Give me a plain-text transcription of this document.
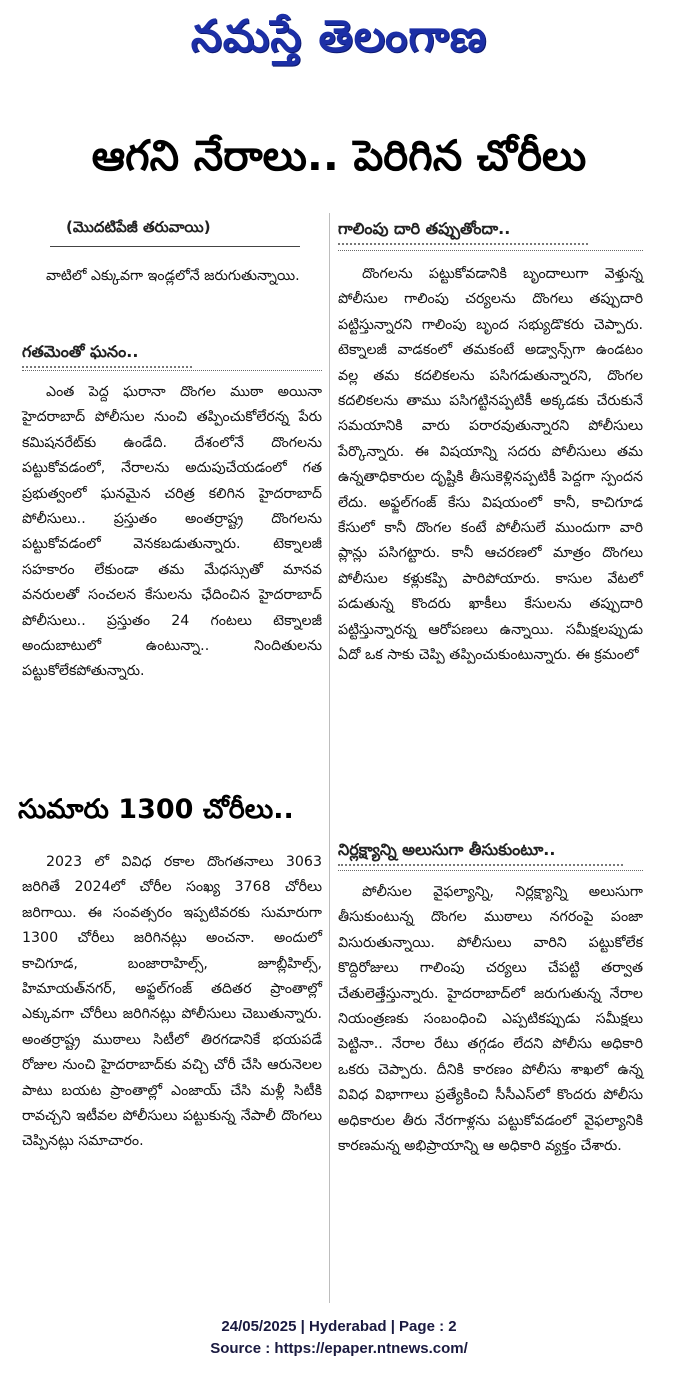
నమస్తే తెలంగాణ
ఆగని నేరాలు.. పెరిగిన చోరీలు
(మొదటిపేజీ తరువాయి)

వాటిలో ఎక్కువగా ఇండ్లలోనే జరుగుతున్నాయి.

గతమెంతో ఘనం..

ఎంత పెద్ద ఘరానా దొంగల ముఠా అయినా హైదరాబాద్‌ పోలీసుల నుంచి తప్పించుకోలేరన్న పేరు కమిషనరేట్‌కు ఉండేది. దేశంలోనే దొంగలను పట్టుకోవడంలో, నేరాలను అదుపుచేయడంలో గత ప్రభుత్వంలో ఘనమైన చరిత్ర కలిగిన హైదరాబాద్‌ పోలీసులు.. ప్రస్తుతం అంతర్రాష్ట్ర దొంగలను పట్టుకోవడంలో వెనకబడుతున్నారు. టెక్నాలజీ సహకారం లేకుండా తమ మేధస్సుతో మానవ వనరులతో సంచలన కేసులను ఛేదించిన హైదరాబాద్‌ పోలీసులు.. ప్రస్తుతం 24 గంటలు టెక్నాలజీ అందుబాటులో ఉంటున్నా.. నిందితులను పట్టుకోలేకపోతున్నారు.

సుమారు 1300 చోరీలు..

2023 లో వివిధ రకాల దొంగతనాలు 3063 జరిగితే 2024లో చోరీల సంఖ్య 3768 చోరీలు జరిగాయి. ఈ సంవత్సరం ఇప్పటివరకు సుమారుగా 1300 చోరీలు జరిగినట్లు అంచనా. అందులో కాచిగూడ, బంజారాహిల్స్‌, జూబ్లీహిల్స్‌, హిమాయత్‌నగర్‌, అఫ్జల్‌గంజ్‌ తదితర ప్రాంతాల్లో ఎక్కువగా చోరీలు జరిగినట్లు పోలీసులు చెబుతున్నారు. అంతర్రాష్ట్ర ముఠాలు సిటీలో తిరగడానికే భయపడే రోజుల నుంచి హైదరాబాద్‌కు వచ్చి చోరీ చేసి ఆరునెలల పాటు బయట ప్రాంతాల్లో ఎంజాయ్‌ చేసి మళ్లీ సిటీకి రావచ్చని ఇటీవల పోలీసులు పట్టుకున్న నేపాలీ దొంగలు చెప్పినట్లు సమాచారం.

గాలింపు దారి తప్పుతోందా..

దొంగలను పట్టుకోవడానికి బృందాలుగా వెళ్తున్న పోలీసుల గాలింపు చర్యలను దొంగలు తప్పుదారి పట్టిస్తున్నారని గాలింపు బృంద సభ్యుడొకరు చెప్పారు. టెక్నాలజీ వాడకంలో తమకంటే అడ్వాన్స్‌గా ఉండటం వల్ల తమ కదలికలను పసిగడుతున్నారని, దొంగల కదలికలను తాము పసిగట్టినప్పటికీ అక్కడకు చేరుకునే సమయానికి వారు పరారవుతున్నారని పోలీసులు పేర్కొన్నారు. ఈ విషయాన్ని సదరు పోలీసులు తమ ఉన్నతాధికారుల దృష్టికి తీసుకెళ్లినప్పటికీ పెద్దగా స్పందన లేదు. అఫ్జల్‌గంజ్‌ కేసు విషయంలో కానీ, కాచిగూడ కేసులో కానీ దొంగల కంటే పోలీసులే ముందుగా వారి ప్లాన్లు పసిగట్టారు. కానీ ఆచరణలో మాత్రం దొంగలు పోలీసుల కళ్లుకప్పి పారిపోయారు. కాసుల వేటలో పడుతున్న కొందరు ఖాకీలు కేసులను తప్పుదారి పట్టిస్తున్నారన్న ఆరోపణలు ఉన్నాయి. సమీక్షలప్పుడు ఏదో ఒక సాకు చెప్పి తప్పించుకుంటున్నారు. ఈ క్రమంలో

నిర్లక్ష్యాన్ని అలుసుగా తీసుకుంటూ..

పోలీసుల వైఫల్యాన్ని, నిర్లక్ష్యాన్ని అలుసుగా తీసుకుంటున్న దొంగల ముఠాలు నగరంపై పంజా విసురుతున్నాయి. పోలీసులు వారిని పట్టుకోలేక కొద్దిరోజులు గాలింపు చర్యలు చేపట్టి తర్వాత చేతులెత్తేస్తున్నారు. హైదరాబాద్‌లో జరుగుతున్న నేరాల నియంత్రణకు సంబంధించి ఎప్పటికప్పుడు సమీక్షలు పెట్టినా.. నేరాల రేటు తగ్గడం లేదని పోలీసు అధికారి ఒకరు చెప్పారు. దీనికి కారణం పోలీసు శాఖలో ఉన్న వివిధ విభాగాలు ప్రత్యేకించి సీసీఎస్‌లో కొందరు పోలీసు అధికారుల తీరు నేరగాళ్లను పట్టుకోవడంలో వైఫల్యానికి కారణమన్న అభిప్రాయాన్ని ఆ అధికారి వ్యక్తం చేశారు.

24/05/2025 | Hyderabad | Page : 2
Source : https://epaper.ntnews.com/
